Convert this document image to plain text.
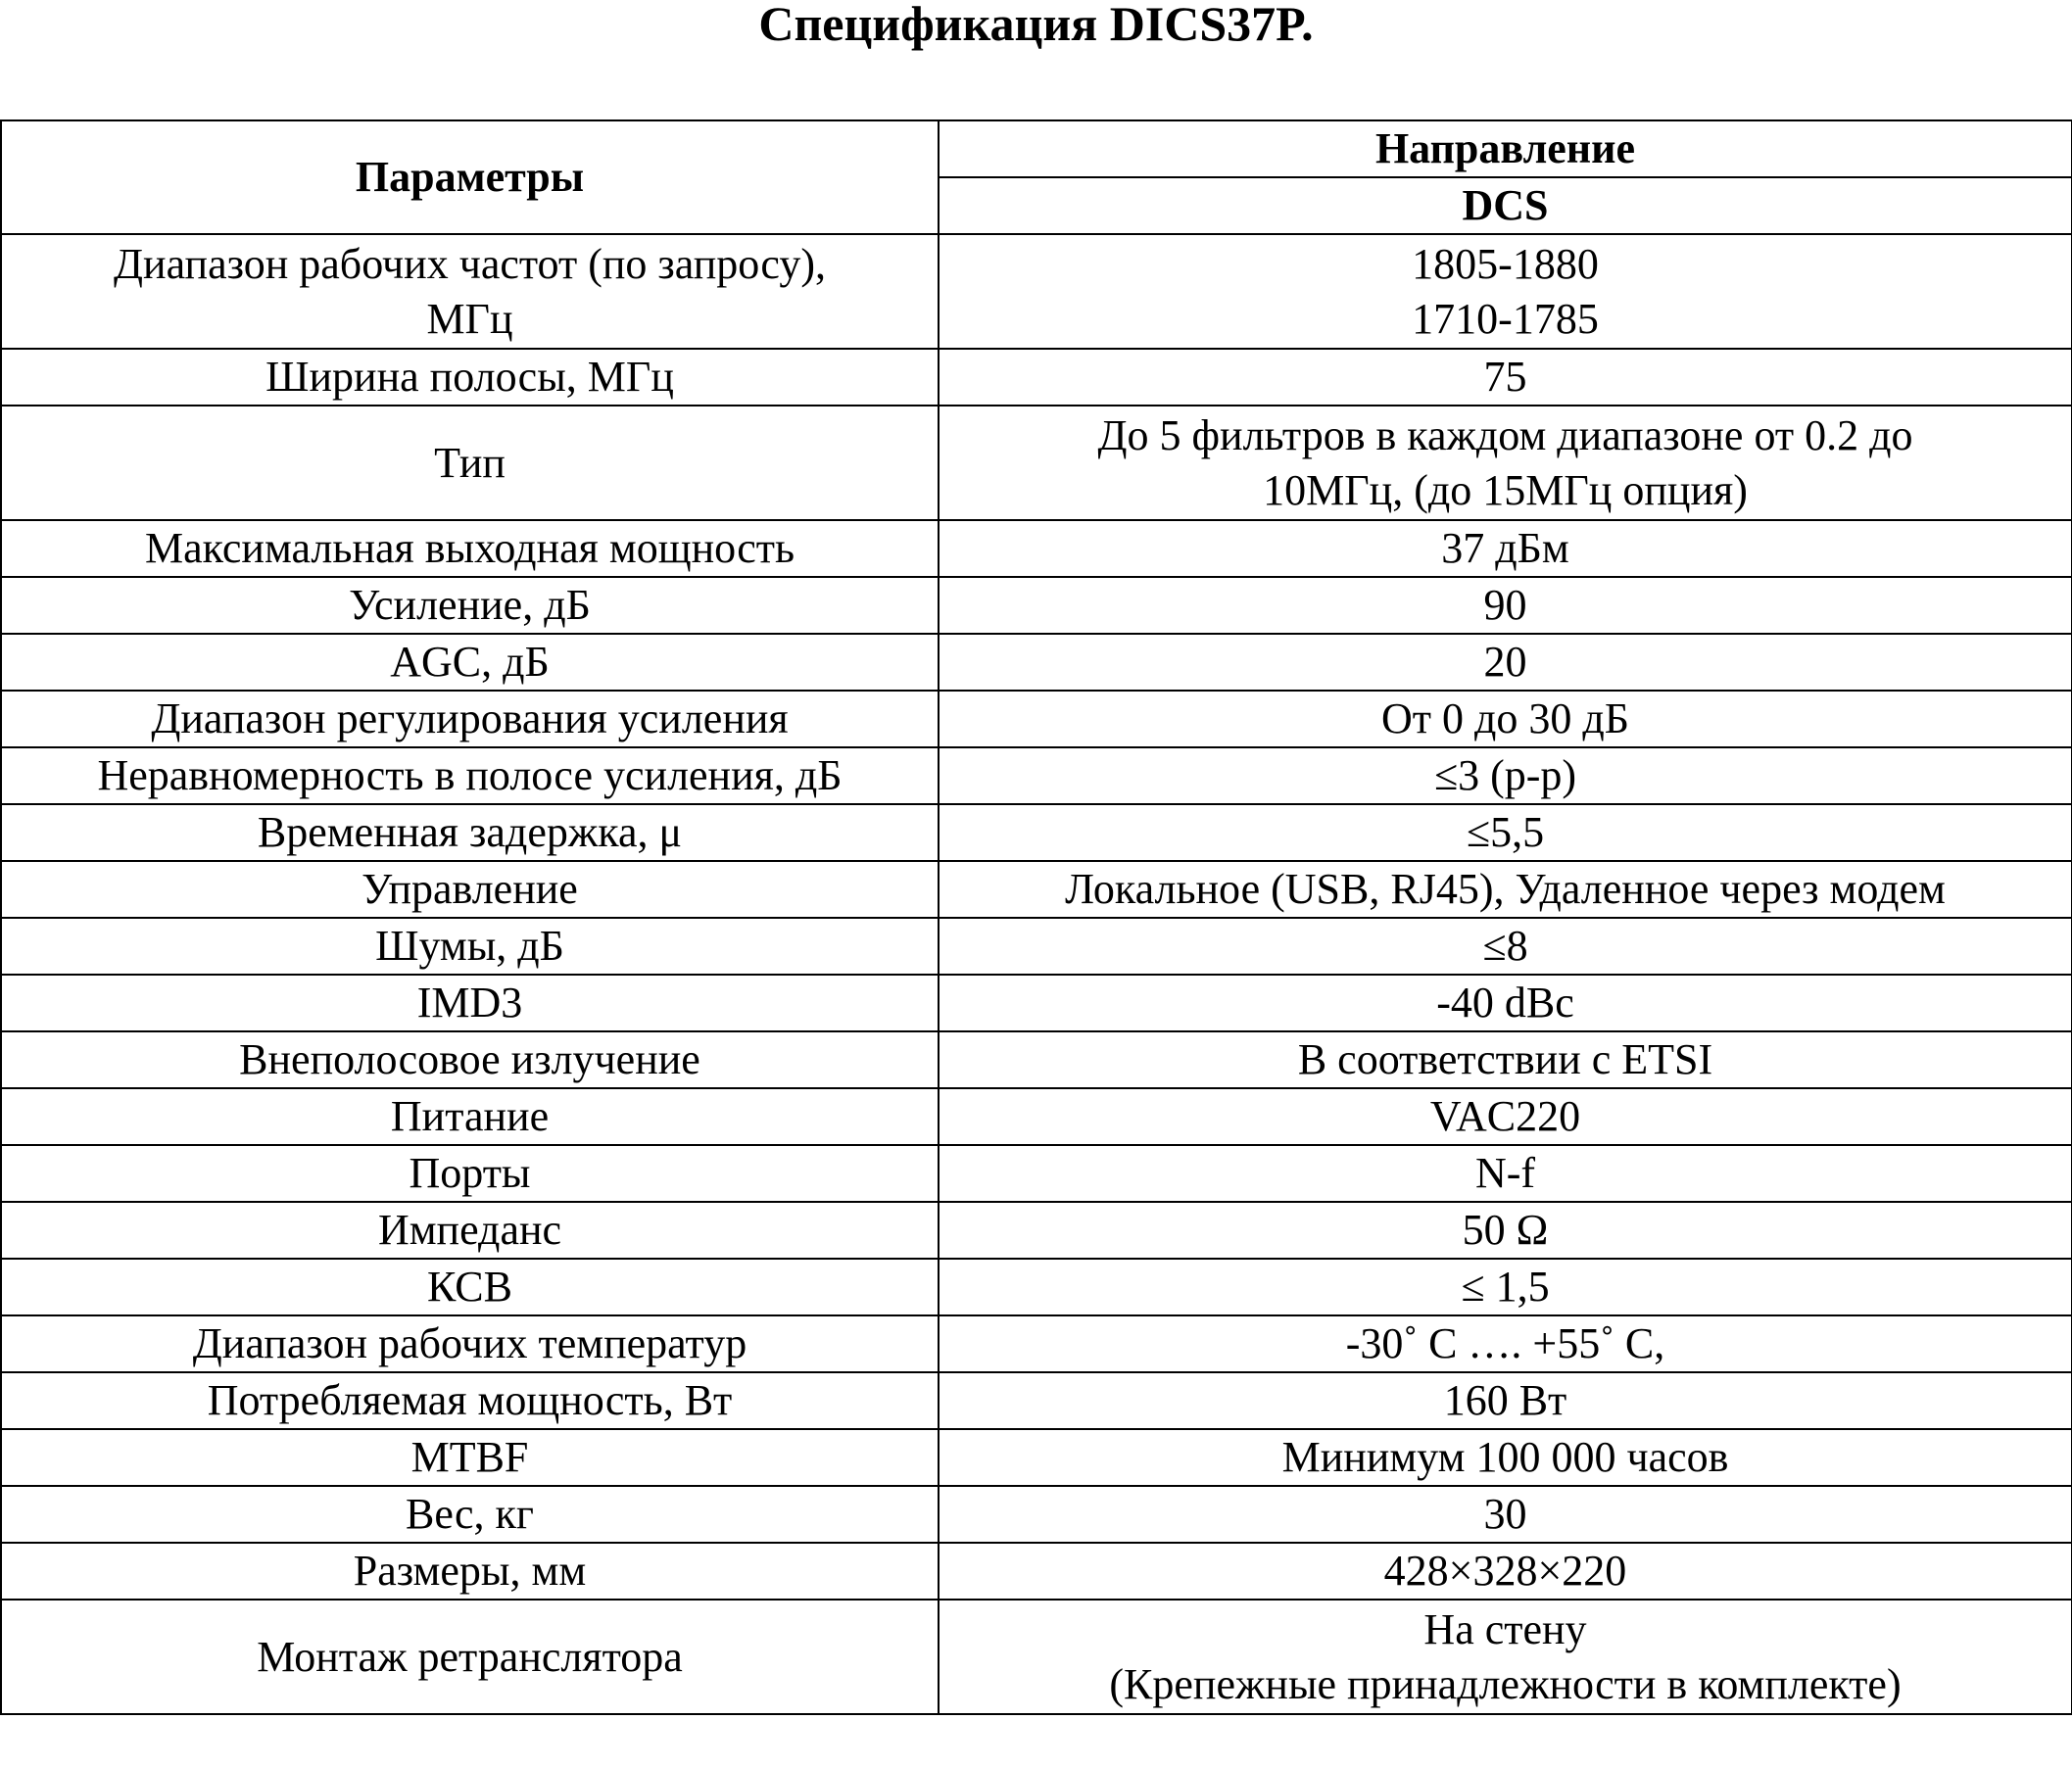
Спецификация DICS37P.
Параметры	Направление
	DCS

Диапазон рабочих частот (по запросу),
МГц	1805-1880
1710-1785

Ширина полосы, МГц	75

Тип	До 5 фильтров в каждом диапазоне от 0.2 до
10МГц, (до 15МГц опция)

Максимальная выходная мощность	37 дБм

Усиление, дБ	90

AGC, дБ	20

Диапазон регулирования усиления	От 0 до 30 дБ

Неравномерность в полосе усиления, дБ	≤3 (p-p)

Временная задержка, μ	≤5,5

Управление	Локальное (USB, RJ45), Удаленное через модем

Шумы, дБ	≤8

IMD3	-40 dBc

Внеполосовое излучение	В соответствии с ETSI

Питание	VAC220

Порты	N-f

Импеданс	50 Ω

КСВ	≤ 1,5

Диапазон рабочих температур	-30˚ С …. +55˚ С,

Потребляемая мощность, Вт	160 Вт

MTBF	Минимум 100 000 часов

Вес, кг	30

Размеры, мм	428×328×220

Монтаж ретранслятора	На стену
(Крепежные принадлежности в комплекте)
